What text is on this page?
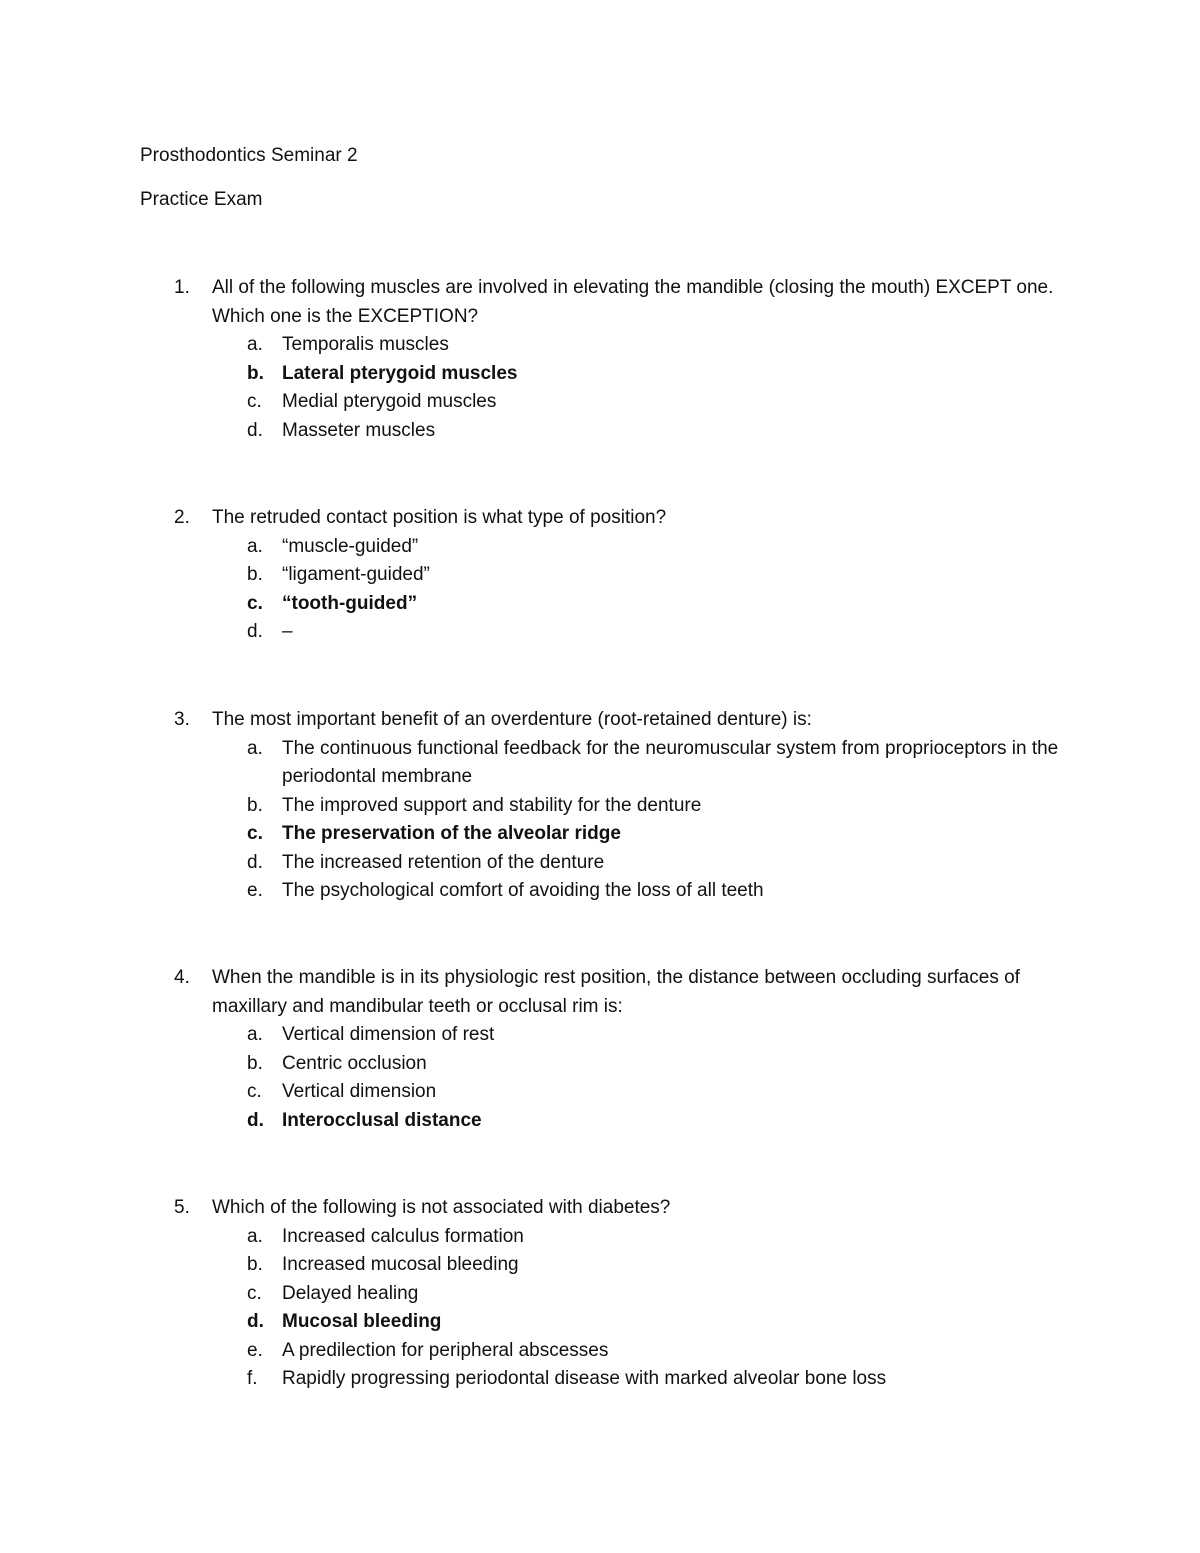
Prosthodontics Seminar 2
Practice Exam
1. All of the following muscles are involved in elevating the mandible (closing the mouth) EXCEPT one. Which one is the EXCEPTION?
a. Temporalis muscles
b. Lateral pterygoid muscles
c. Medial pterygoid muscles
d. Masseter muscles
2. The retruded contact position is what type of position?
a. “muscle-guided”
b. “ligament-guided”
c. “tooth-guided”
d. –
3. The most important benefit of an overdenture (root-retained denture) is:
a. The continuous functional feedback for the neuromuscular system from proprioceptors in the periodontal membrane
b. The improved support and stability for the denture
c. The preservation of the alveolar ridge
d. The increased retention of the denture
e. The psychological comfort of avoiding the loss of all teeth
4. When the mandible is in its physiologic rest position, the distance between occluding surfaces of maxillary and mandibular teeth or occlusal rim is:
a. Vertical dimension of rest
b. Centric occlusion
c. Vertical dimension
d. Interocclusal distance
5. Which of the following is not associated with diabetes?
a. Increased calculus formation
b. Increased mucosal bleeding
c. Delayed healing
d. Mucosal bleeding
e. A predilection for peripheral abscesses
f. Rapidly progressing periodontal disease with marked alveolar bone loss
